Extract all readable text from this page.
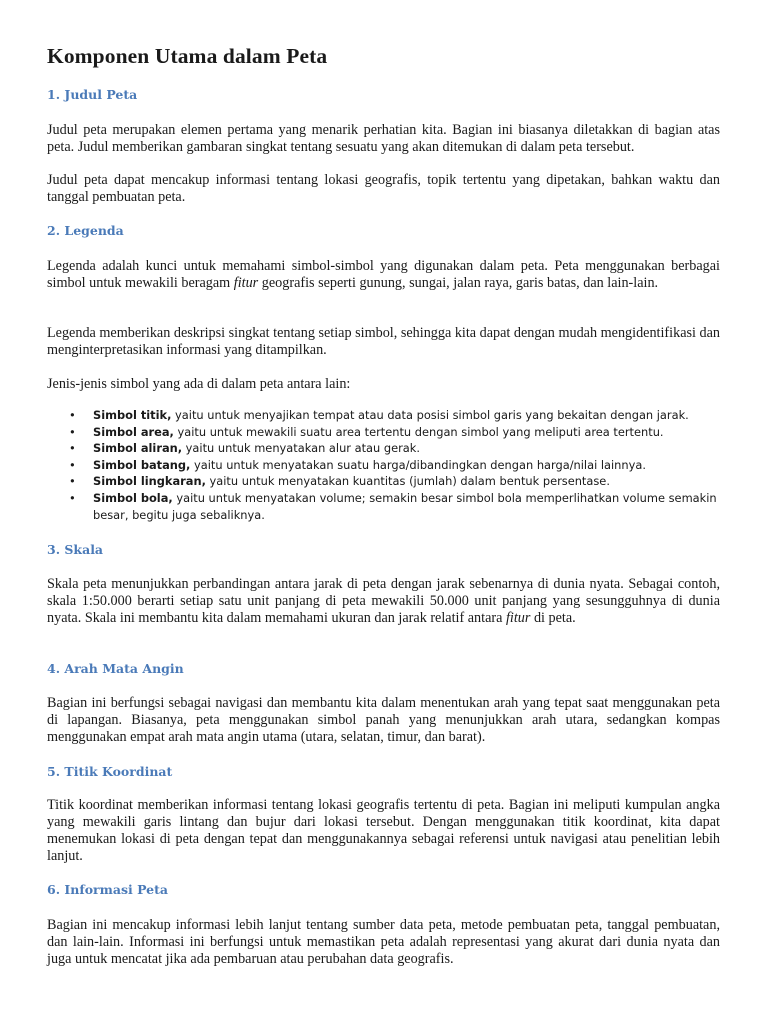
Komponen Utama dalam Peta
1. Judul Peta

Judul peta merupakan elemen pertama yang menarik perhatian kita. Bagian ini biasanya diletakkan di bagian atas peta. Judul memberikan gambaran singkat tentang sesuatu yang akan ditemukan di dalam peta tersebut.

Judul peta dapat mencakup informasi tentang lokasi geografis, topik tertentu yang dipetakan, bahkan waktu dan tanggal pembuatan peta.

2. Legenda

Legenda adalah kunci untuk memahami simbol-simbol yang digunakan dalam peta. Peta menggunakan berbagai simbol untuk mewakili beragam fitur geografis seperti gunung, sungai, jalan raya, garis batas, dan lain-lain.

Legenda memberikan deskripsi singkat tentang setiap simbol, sehingga kita dapat dengan mudah mengidentifikasi dan menginterpretasikan informasi yang ditampilkan.

Jenis-jenis simbol yang ada di dalam peta antara lain:

• Simbol titik, yaitu untuk menyajikan tempat atau data posisi simbol garis yang bekaitan dengan jarak.
• Simbol area, yaitu untuk mewakili suatu area tertentu dengan simbol yang meliputi area tertentu.
• Simbol aliran, yaitu untuk menyatakan alur atau gerak.
• Simbol batang, yaitu untuk menyatakan suatu harga/dibandingkan dengan harga/nilai lainnya.
• Simbol lingkaran, yaitu untuk menyatakan kuantitas (jumlah) dalam bentuk persentase.
• Simbol bola, yaitu untuk menyatakan volume; semakin besar simbol bola memperlihatkan volume semakin besar, begitu juga sebaliknya.
3. Skala

Skala peta menunjukkan perbandingan antara jarak di peta dengan jarak sebenarnya di dunia nyata. Sebagai contoh, skala 1:50.000 berarti setiap satu unit panjang di peta mewakili 50.000 unit panjang yang sesungguhnya di dunia nyata. Skala ini membantu kita dalam memahami ukuran dan jarak relatif antara fitur di peta.

4. Arah Mata Angin

Bagian ini berfungsi sebagai navigasi dan membantu kita dalam menentukan arah yang tepat saat menggunakan peta di lapangan. Biasanya, peta menggunakan simbol panah yang menunjukkan arah utara, sedangkan kompas menggunakan empat arah mata angin utama (utara, selatan, timur, dan barat).

5. Titik Koordinat

Titik koordinat memberikan informasi tentang lokasi geografis tertentu di peta. Bagian ini meliputi kumpulan angka yang mewakili garis lintang dan bujur dari lokasi tersebut. Dengan menggunakan titik koordinat, kita dapat menemukan lokasi di peta dengan tepat dan menggunakannya sebagai referensi untuk navigasi atau penelitian lebih lanjut.

6. Informasi Peta

Bagian ini mencakup informasi lebih lanjut tentang sumber data peta, metode pembuatan peta, tanggal pembuatan, dan lain-lain. Informasi ini berfungsi untuk memastikan peta adalah representasi yang akurat dari dunia nyata dan juga untuk mencatat jika ada pembaruan atau perubahan data geografis.
